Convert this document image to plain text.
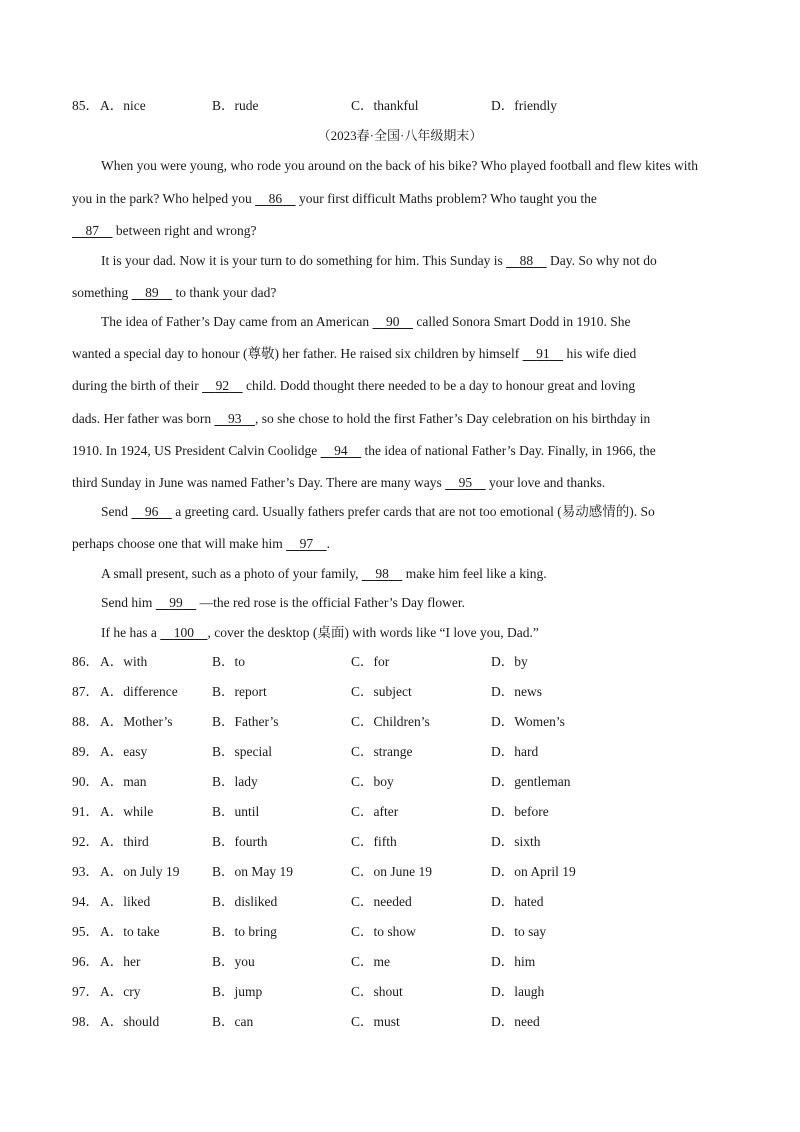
85． A．nice	B．rude	C．thankful	D．friendly
（2023春·全国·八年级期末）
When you were young, who rode you around on the back of his bike? Who played football and flew kites with
you in the park? Who helped you     86     your first difficult Maths problem? Who taught you the
87     between right and wrong?
It is your dad. Now it is your turn to do something for him. This Sunday is     88     Day. So why not do
something     89     to thank your dad?
The idea of Father’s Day came from an American     90     called Sonora Smart Dodd in 1910. She
wanted a special day to honour (尊敬) her father. He raised six children by himself     91     his wife died
during the birth of their     92     child. Dodd thought there needed to be a day to honour great and loving
dads. Her father was born     93 , so she chose to hold the first Father’s Day celebration on his birthday in
1910. In 1924, US President Calvin Coolidge     94     the idea of national Father’s Day. Finally, in 1966, the
third Sunday in June was named Father’s Day. There are many ways     95     your love and thanks.
Send     96     a greeting card. Usually fathers prefer cards that are not too emotional (易动感情的). So
perhaps choose one that will make him     97 .
A small present, such as a photo of your family,     98     make him feel like a king.
Send him     99     —the red rose is the official Father’s Day flower.
If he has a     100 , cover the desktop (桌面) with words like “I love you, Dad.”
86． A．with	B．to	C．for	D．by
87． A．difference	B．report	C．subject	D．news
88． A．Mother’s	B．Father’s	C．Children’s	D．Women’s
89． A．easy	B．special	C．strange	D．hard
90． A．man	B．lady	C．boy	D．gentleman
91． A．while	B．until	C．after	D．before
92． A．third	B．fourth	C．fifth	D．sixth
93． A．on July 19 B．on May 19	C．on June 19	D．on April 19
94． A．liked	B．disliked	C．needed	D．hated
95． A．to take	B．to bring	C．to show	D．to say
96． A．her	B．you	C．me	D．him
97． A．cry	B．jump	C．shout	D．laugh
98． A．should	B．can	C．must	D．need
